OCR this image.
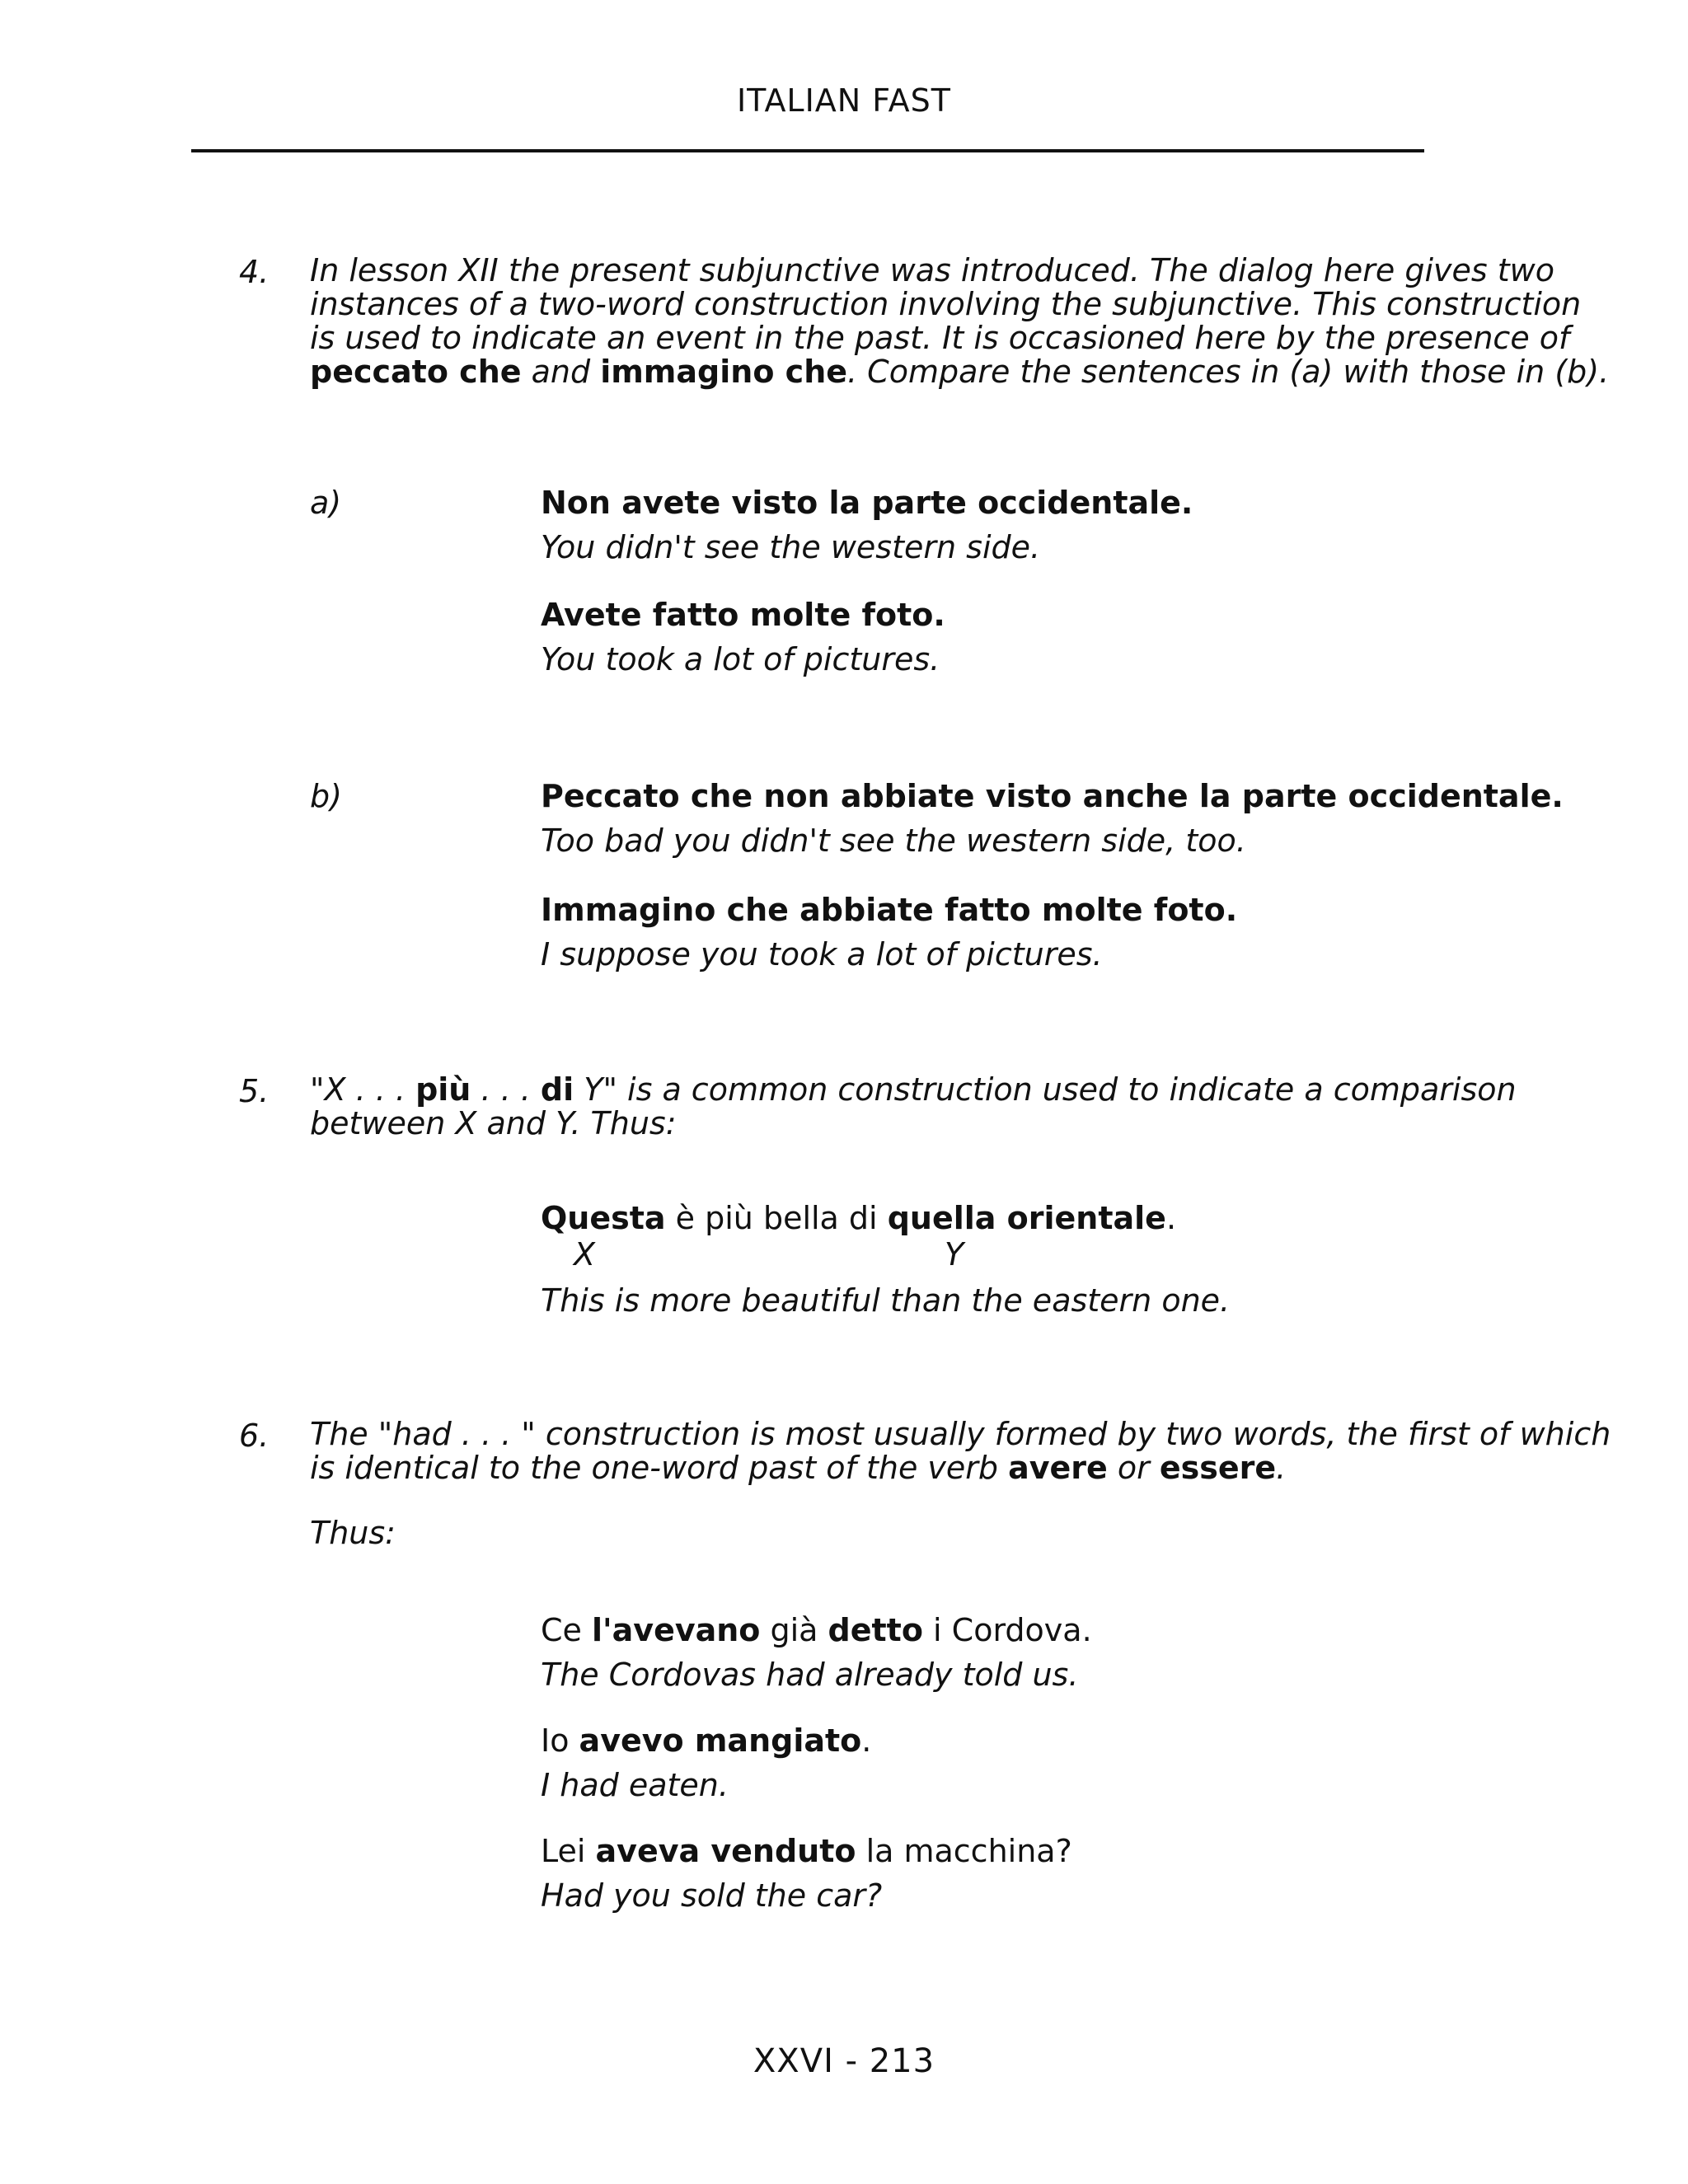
ITALIAN FAST
4. In lesson XII the present subjunctive was introduced. The dialog here gives two instances of a two-word construction involving the subjunctive. This construction is used to indicate an event in the past. It is occasioned here by the presence of peccato che and immagino che. Compare the sentences in (a) with those in (b).
a)	Non avete visto la parte occidentale.
You didn't see the western side.
Avete fatto molte foto.
You took a lot of pictures.
b)	Peccato che non abbiate visto anche la parte occidentale.
Too bad you didn't see the western side, too.
Immagino che abbiate fatto molte foto.
I suppose you took a lot of pictures.
5. "X . . . più . . . di Y" is a common construction used to indicate a comparison between X and Y. Thus:
Questa è più bella di quella orientale.
X	Y
This is more beautiful than the eastern one.
6. The "had . . . " construction is most usually formed by two words, the first of which is identical to the one-word past of the verb avere or essere.
Thus:
Ce l'avevano già detto i Cordova.
The Cordovas had already told us.
Io avevo mangiato.
I had eaten.
Lei aveva venduto la macchina?
Had you sold the car?
XXVI - 213
